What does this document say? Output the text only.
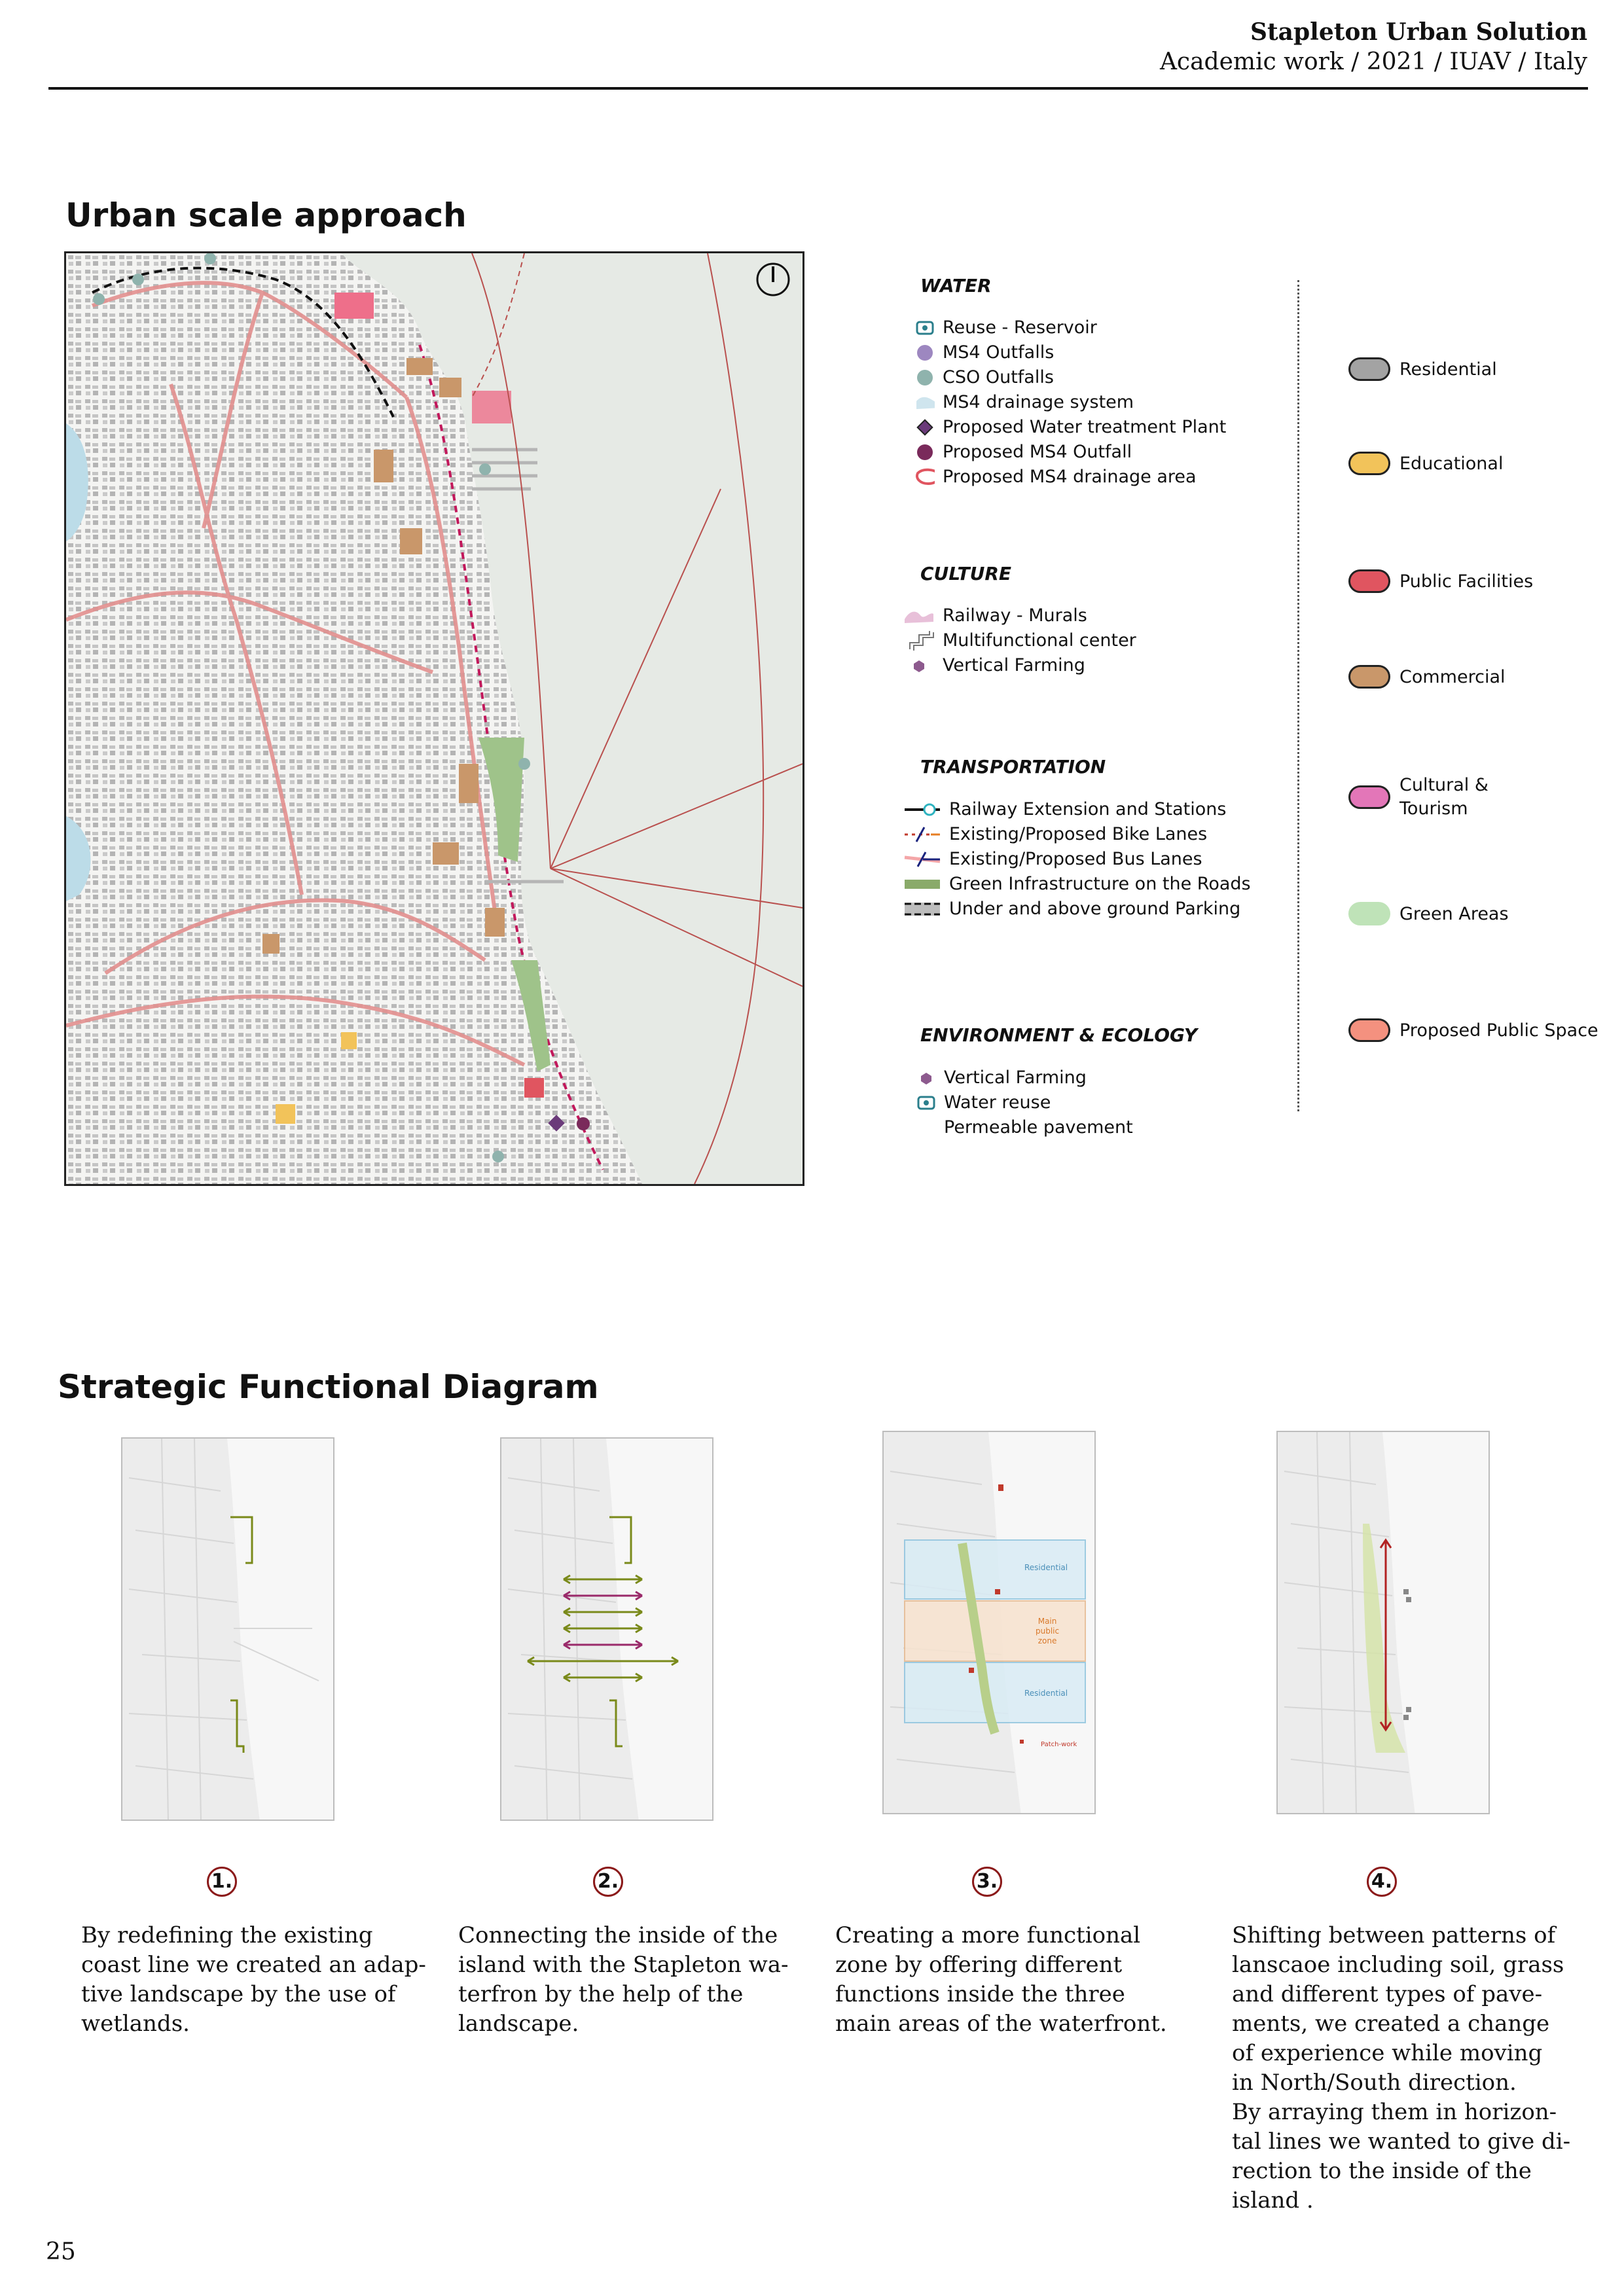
Stapleton Urban Solution
Academic work / 2021 / IUAV / Italy
Urban scale approach
WATER
Reuse - Reservoir
MS4 Outfalls
CSO Outfalls
MS4 drainage system
Proposed Water treatment Plant
Proposed MS4 Outfall
Proposed MS4 drainage area
CULTURE
Railway - Murals
Multifunctional center
Vertical Farming
TRANSPORTATION
Railway Extension and Stations
Existing/Proposed Bike Lanes
Existing/Proposed Bus Lanes
Green Infrastructure on the Roads
Under and above ground Parking
ENVIRONMENT & ECOLOGY
Vertical Farming
Water reuse
Permeable pavement
Residential
Educational
Public Facilities
Commercial
Cultural &
Tourism
Green Areas
Proposed Public Space
Strategic Functional Diagram
1.
By redefining the existing
coast line we created an adap-
tive landscape by the use of
wetlands.
2.
Connecting the inside of the
island with the Stapleton wa-
terfron by the help of the
landscape.
Residential
Main
public
zone
Residential
Patch-work
3.
Creating a more functional
zone by offering different
functions inside the three
main areas of the waterfront.
4.
Shifting between patterns of
lanscaoe including soil, grass
and different types of pave-
ments, we created a change
of experience while moving
in North/South direction.
By arraying them in horizon-
tal lines we wanted to give di-
rection to the inside of the
island .
25
